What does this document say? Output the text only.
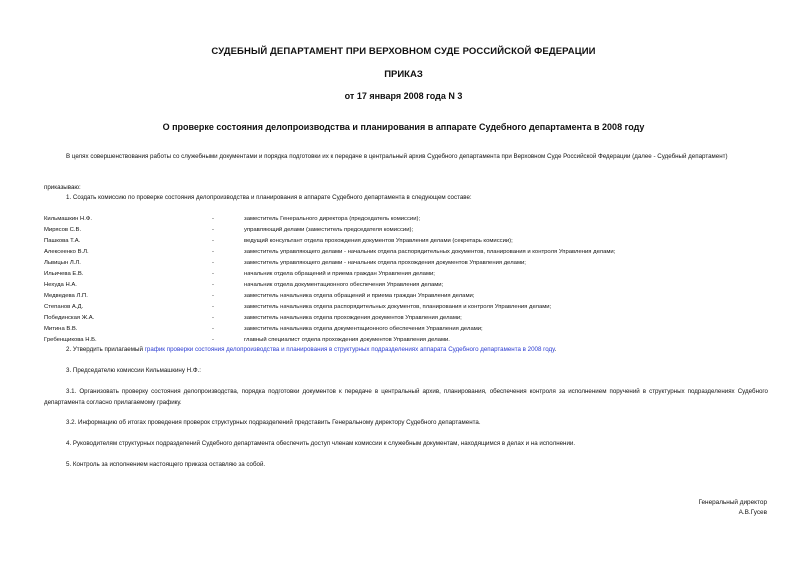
СУДЕБНЫЙ ДЕПАРТАМЕНТ ПРИ ВЕРХОВНОМ СУДЕ РОССИЙСКОЙ ФЕДЕРАЦИИ
ПРИКАЗ
от 17 января 2008 года N 3
О проверке состояния делопроизводства и планирования в аппарате Судебного департамента в 2008 году
В целях совершенствования работы со служебными документами и порядка подготовки их к передаче в центральный архив Судебного департамента при Верховном Суде Российской Федерации (далее - Судебный департамент)
приказываю:
1. Создать комиссию по проверке состояния делопроизводства и планирования в аппарате Судебного департамента в следующем составе:
Кильмашкин Н.Ф.	-	заместитель Генерального директора (председатель комиссии);
Мирясов С.В.	-	управляющий делами (заместитель председателя комиссии);
Пашкова Т.А.	-	ведущий консультант отдела прохождения документов Управления делами (секретарь комиссии);
Алексеенко В.Л.	-	заместитель управляющего делами - начальник отдела распорядительных документов, планирования и контроля Управления делами;
Львицын Л.Л.	-	заместитель управляющего делами - начальник отдела прохождения документов Управления делами;
Ильичева Е.В.	-	начальник отдела обращений и приема граждан Управления делами;
Нехуда Н.А.	-	начальник отдела документационного обеспечения Управления делами;
Медведева Л.П.	-	заместитель начальника отдела обращений и приема граждан Управления делами;
Степанов А.Д.	-	заместитель начальника отдела распорядительных документов, планирования и контроля Управления делами;
Побединская Ж.А.	-	заместитель начальника отдела прохождения документов Управления делами;
Митина В.В.	-	заместитель начальника отдела документационного обеспечения Управления делами;
Гребенщикова Н.Б.	-	главный специалист отдела прохождения документов Управления делами.
2. Утвердить прилагаемый график проверки состояния делопроизводства и планирования в структурных подразделениях аппарата Судебного департамента в 2008 году.
3. Председателю комиссии Кильмашкину Н.Ф.:
3.1. Организовать проверку состояния делопроизводства, порядка подготовки документов к передаче в центральный архив, планирования, обеспечения контроля за исполнением поручений в структурных подразделениях Судебного департамента согласно прилагаемому графику.
3.2. Информацию об итогах проведения проверок структурных подразделений представить Генеральному директору Судебного департамента.
4. Руководителям структурных подразделений Судебного департамента обеспечить доступ членам комиссии к служебным документам, находящимся в делах и на исполнении.
5. Контроль за исполнением настоящего приказа оставляю за собой.
Генеральный директор
А.В.Гусев
